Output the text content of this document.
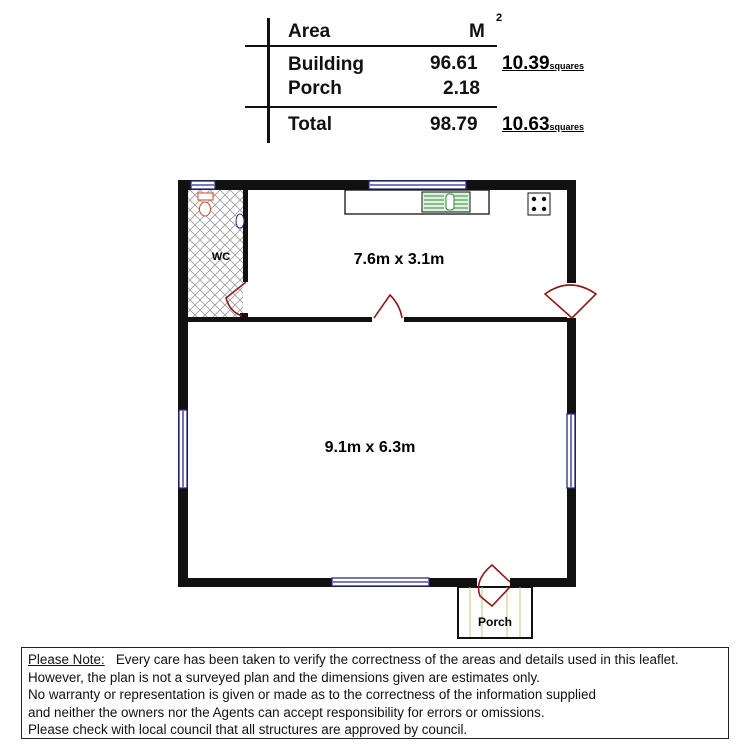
Area	M
2
Building	96.61 10.39squares
Porch	2.18
Total	98.79 10.63squares
WC	7.6m x 3.1m
9.1m x 6.3m
Porch
Please Note: Every care has been taken to verify the correctness of the areas and details used in this leaflet.
However, the plan is not a surveyed plan and the dimensions given are estimates only.
No warranty or representation is given or made as to the correctness of the information supplied
and neither the owners nor the Agents can accept responsibility for errors or omissions.
Please check with local council that all structures are approved by council.
